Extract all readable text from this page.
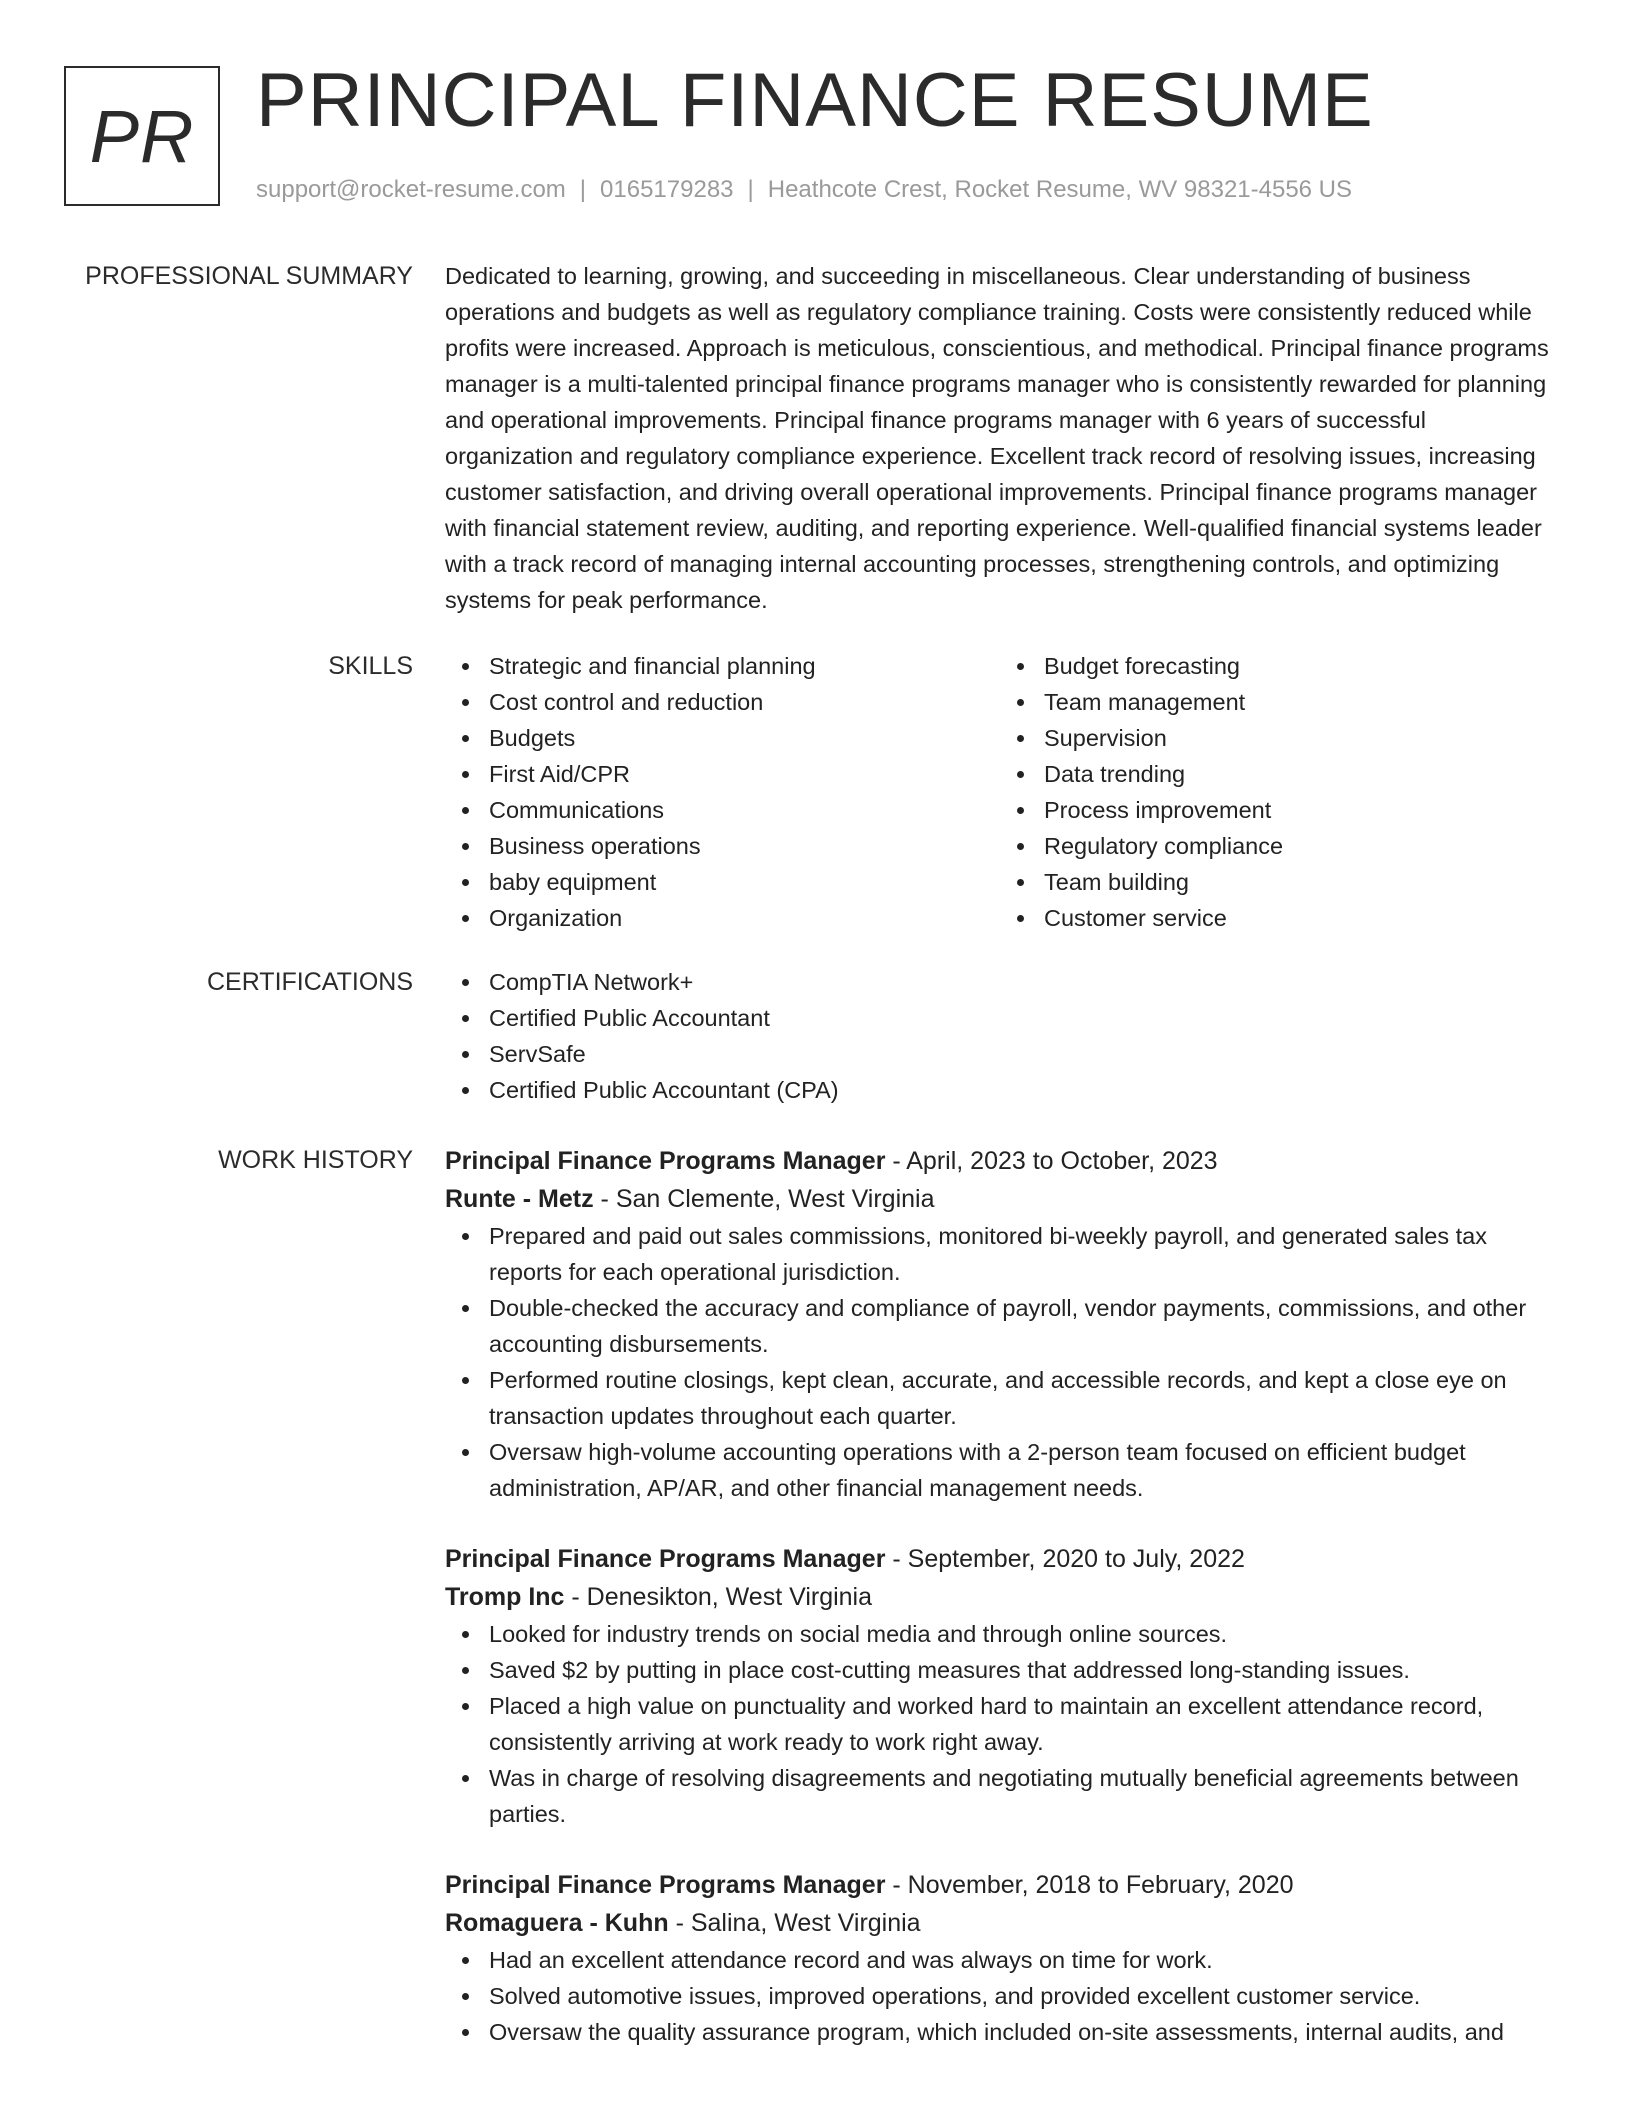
PR PRINCIPAL FINANCE RESUME
support@rocket-resume.com | 0165179283 | Heathcote Crest, Rocket Resume, WV 98321-4556 US
PROFESSIONAL SUMMARY Dedicated to learning, growing, and succeeding in miscellaneous. Clear understanding of business operations and budgets as well as regulatory compliance training. Costs were consistently reduced while profits were increased. Approach is meticulous, conscientious, and methodical. Principal finance programs manager is a multi-talented principal finance programs manager who is consistently rewarded for planning and operational improvements. Principal finance programs manager with 6 years of successful organization and regulatory compliance experience. Excellent track record of resolving issues, increasing customer satisfaction, and driving overall operational improvements. Principal finance programs manager with financial statement review, auditing, and reporting experience. Well-qualified financial systems leader with a track record of managing internal accounting processes, strengthening controls, and optimizing systems for peak performance.
SKILLS	Strategic and financial planning
Cost control and reduction
Budgets
First Aid/CPR
Communications
Business operations
baby equipment
Organization
Budget forecasting
Team management
Supervision
Data trending
Process improvement
Regulatory compliance
Team building
Customer service
CERTIFICATIONS	CompTIA Network+
Certified Public Accountant
ServSafe
Certified Public Accountant (CPA)
WORK HISTORY Principal Finance Programs Manager - April, 2023 to October, 2023
Runte - Metz - San Clemente, West Virginia
Prepared and paid out sales commissions, monitored bi-weekly payroll, and generated sales tax reports for each operational jurisdiction.
Double-checked the accuracy and compliance of payroll, vendor payments, commissions, and other accounting disbursements.
Performed routine closings, kept clean, accurate, and accessible records, and kept a close eye on transaction updates throughout each quarter.
Oversaw high-volume accounting operations with a 2-person team focused on efficient budget administration, AP/AR, and other financial management needs.
Principal Finance Programs Manager - September, 2020 to July, 2022
Tromp Inc - Denesikton, West Virginia
Looked for industry trends on social media and through online sources.
Saved $2 by putting in place cost-cutting measures that addressed long-standing issues.
Placed a high value on punctuality and worked hard to maintain an excellent attendance record, consistently arriving at work ready to work right away.
Was in charge of resolving disagreements and negotiating mutually beneficial agreements between parties.
Principal Finance Programs Manager - November, 2018 to February, 2020
Romaguera - Kuhn - Salina, West Virginia
Had an excellent attendance record and was always on time for work.
Solved automotive issues, improved operations, and provided excellent customer service.
Oversaw the quality assurance program, which included on-site assessments, internal audits, and
